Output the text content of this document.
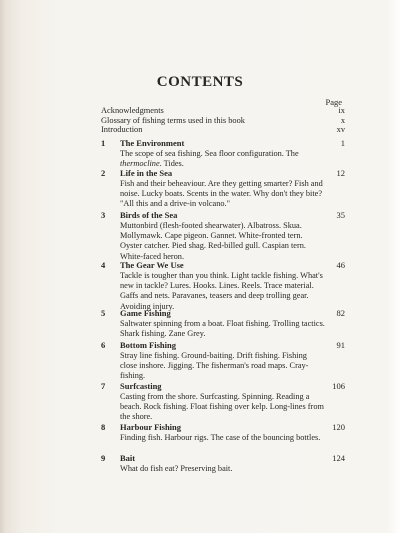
CONTENTS
Page
Acknowledgments	ix
Glossary of fishing terms used in this book	x
Introduction	xv
1 The Environment	1
The scope of sea fishing. Sea floor configuration. The thermocline. Tides.
2 Life in the Sea	12
Fish and their beheaviour. Are they getting smarter? Fish and noise. Lucky boats. Scents in the water. Why don't they bite? "All this and a drive-in volcano."
3 Birds of the Sea	35
Muttonbird (flesh-footed shearwater). Albatross. Skua. Mollymawk. Cape pigeon. Gannet. White-fronted tern. Oyster catcher. Pied shag. Red-billed gull. Caspian tern. White-faced heron.
4 The Gear We Use	46
Tackle is tougher than you think. Light tackle fishing. What's new in tackle? Lures. Hooks. Lines. Reels. Trace material. Gaffs and nets. Paravanes, teasers and deep trolling gear. Avoiding injury.
5 Game Fishing	82
Saltwater spinning from a boat. Float fishing. Trolling tactics. Shark fishing. Zane Grey.
6 Bottom Fishing	91
Stray line fishing. Ground-baiting. Drift fishing. Fishing close inshore. Jigging. The fisherman's road maps. Cray-fishing.
7 Surfcasting	106
Casting from the shore. Surfcasting. Spinning. Reading a beach. Rock fishing. Float fishing over kelp. Long-lines from the shore.
8 Harbour Fishing	120
Finding fish. Harbour rigs. The case of the bouncing bottles.
9 Bait	124
What do fish eat? Preserving bait.
